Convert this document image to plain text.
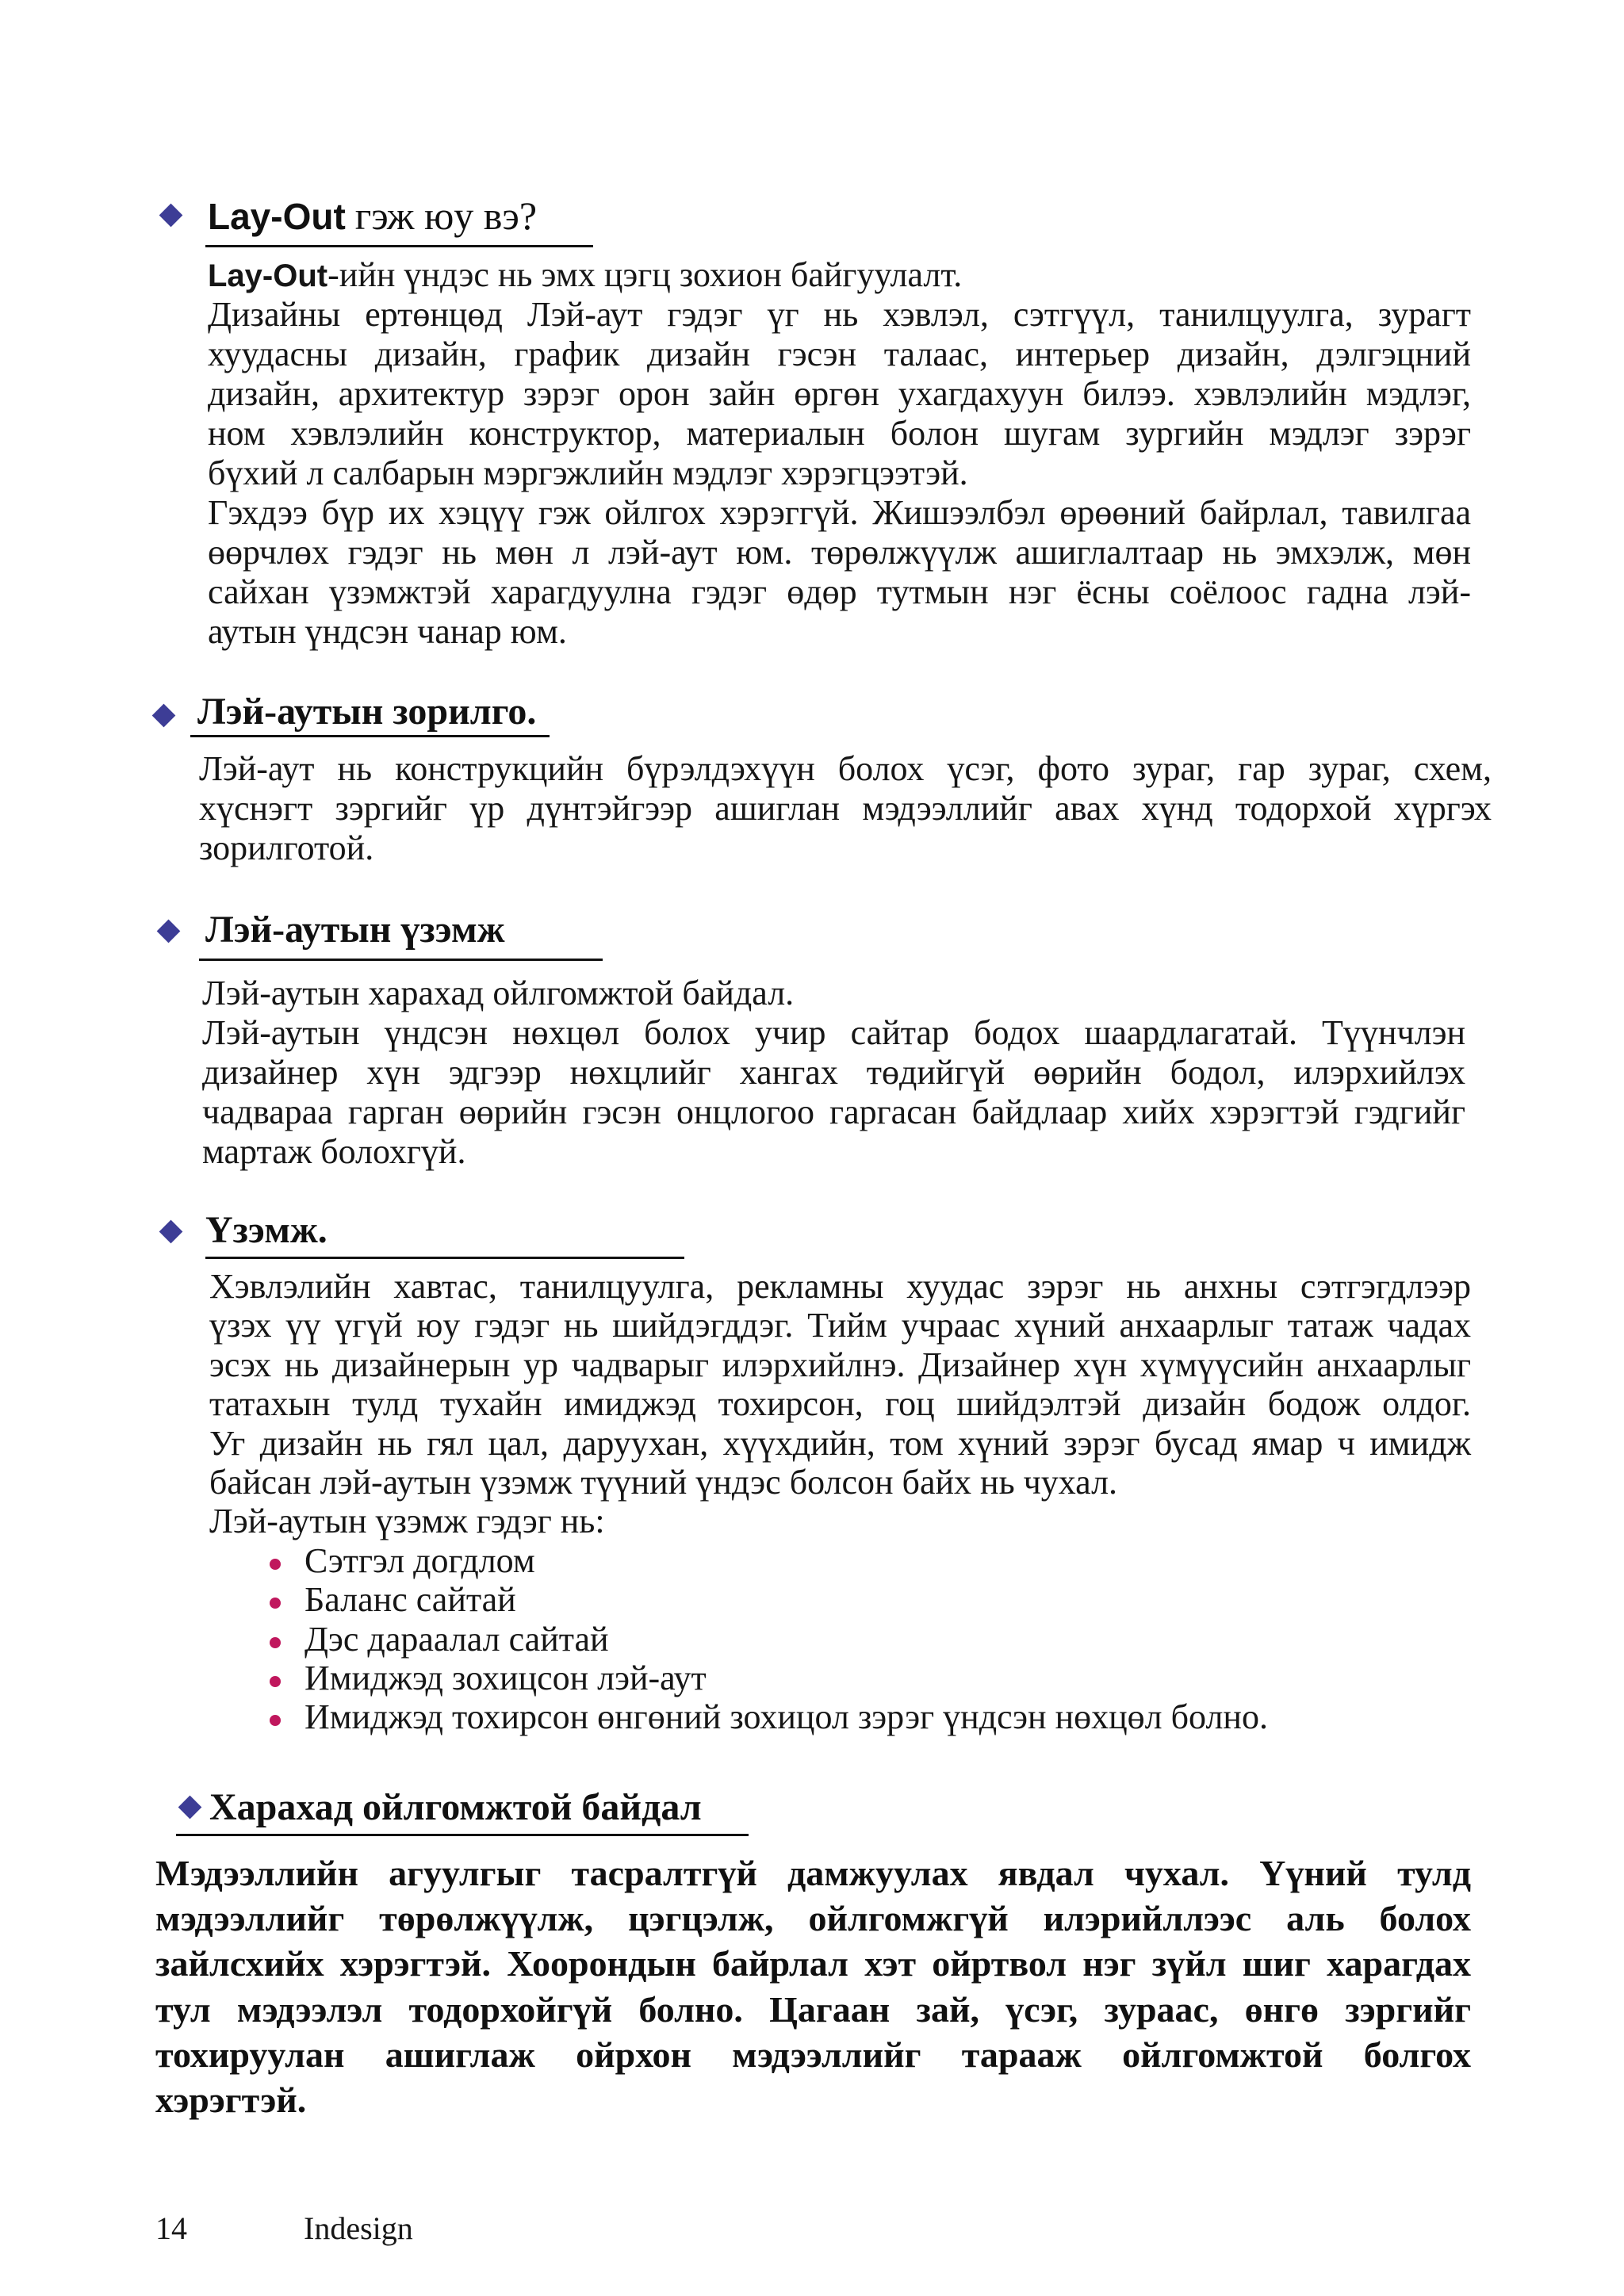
Lay-Out гэж юу вэ?
Lay-Out-ийн үндэс нь эмх цэгц зохион байгуулалт.
Дизайны ертөнцөд Лэй-аут гэдэг үг нь хэвлэл, сэтгүүл, танилцуулга, зурагт
хуудасны дизайн, график дизайн гэсэн талаас, интерьер дизайн, дэлгэцний
дизайн, архитектур зэрэг орон зайн өргөн ухагдахуун билээ. хэвлэлийн мэдлэг,
ном хэвлэлийн конструктор, материалын болон шугам зургийн мэдлэг зэрэг
бүхий л салбарын мэргэжлийн мэдлэг хэрэгцээтэй.
Гэхдээ бүр их хэцүү гэж ойлгох хэрэггүй. Жишээлбэл өрөөний байрлал, тавилгаа
өөрчлөх гэдэг нь мөн л лэй-аут юм. төрөлжүүлж ашиглалтаар нь эмхэлж, мөн
сайхан үзэмжтэй харагдуулна гэдэг өдөр тутмын нэг ёсны соёлоос гадна лэй-
аутын үндсэн чанар юм.
Лэй-аутын зорилго.
Лэй-аут нь конструкцийн бүрэлдэхүүн болох үсэг, фото зураг, гар зураг, схем,
хүснэгт зэргийг үр дүнтэйгээр ашиглан мэдээллийг авах хүнд тодорхой хүргэх
зорилготой.
Лэй-аутын үзэмж
Лэй-аутын харахад ойлгомжтой байдал.
Лэй-аутын үндсэн нөхцөл болох учир сайтар бодох шаардлагатай. Түүнчлэн
дизайнер хүн эдгээр нөхцлийг хангах төдийгүй өөрийн бодол, илэрхийлэх
чадвараа гарган өөрийн гэсэн онцлогоо гаргасан байдлаар хийх хэрэгтэй гэдгийг
мартаж болохгүй.
Үзэмж.
Хэвлэлийн хавтас, танилцуулга, рекламны хуудас зэрэг нь анхны сэтгэгдлээр
үзэх үү үгүй юу гэдэг нь шийдэгддэг. Тийм учраас хүний анхаарлыг татаж чадах
эсэх нь дизайнерын ур чадварыг илэрхийлнэ. Дизайнер хүн хүмүүсийн анхаарлыг
татахын тулд тухайн имиджэд тохирсон, гоц шийдэлтэй дизайн бодож олдог.
Уг дизайн нь гял цал, даруухан, хүүхдийн, том хүний зэрэг бусад ямар ч имидж
байсан лэй-аутын үзэмж түүний үндэс болсон байх нь чухал.
Лэй-аутын үзэмж гэдэг нь:
Сэтгэл догдлом
Баланс сайтай
Дэс дараалал сайтай
Имиджэд зохицсон лэй-аут
Имиджэд тохирсон өнгөний зохицол зэрэг үндсэн нөхцөл болно.
Харахад ойлгомжтой байдал
Мэдээллийн агуулгыг тасралтгүй дамжуулах явдал чухал. Үүний тулд
мэдээллийг төрөлжүүлж, цэгцэлж, ойлгомжгүй илэрийллээс аль болох
зайлсхийх хэрэгтэй. Хоорондын байрлал хэт ойртвол нэг зүйл шиг харагдах
тул мэдээлэл тодорхойгүй болно. Цагаан зай, үсэг, зураас, өнгө зэргийг
тохируулан ашиглаж ойрхон мэдээллийг тарааж ойлгомжтой болгох
хэрэгтэй.
14	Indesign
